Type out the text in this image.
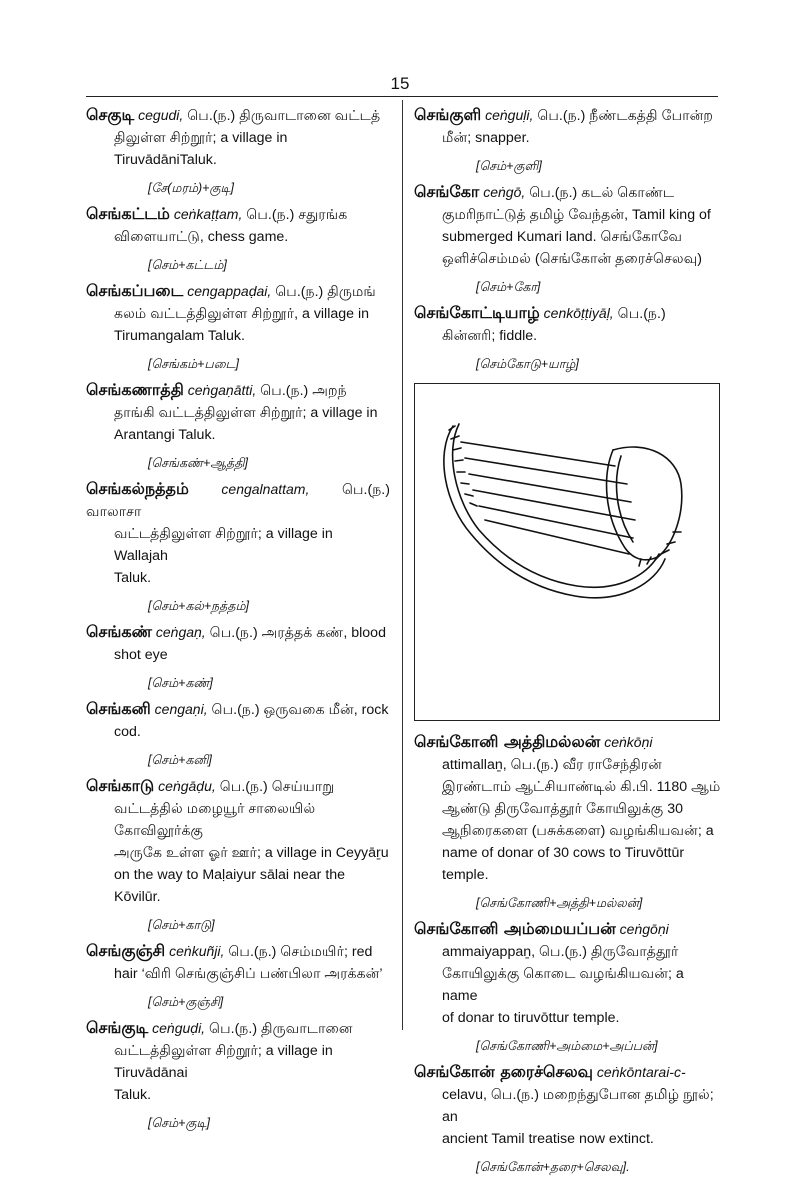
15
செகுடி cegudi, பெ.(ந.) திருவாடானை வட்டத்
திலுள்ள சிற்றூர்; a village in TiruvādāniTaluk.
[சே(மரம்)+குடி]
செங்கட்டம் ceṅkaṭṭam, பெ.(ந.) சதுரங்க
விளையாட்டு, chess game.
[செம்+கட்டம்]
செங்கப்படை cengappaḍai, பெ.(ந.) திருமங்
கலம் வட்டத்திலுள்ள சிற்றூர், a village in
Tirumangalam Taluk.
[செங்கம்+படை]
செங்கணாத்தி ceṅgaṇātti, பெ.(ந.) அறந்
தாங்கி வட்டத்திலுள்ள சிற்றூர்; a village in
Arantangi Taluk.
[செங்கண்+ஆத்தி]
செங்கல்நத்தம் cengalnattam, பெ.(ந.) வாலாசா
வட்டத்திலுள்ள சிற்றூர்; a village in Wallajah
Taluk.
[செம்+கல்+நத்தம்]
செங்கண் ceṅgaṇ, பெ.(ந.) அரத்தக் கண், blood
shot eye
[செம்+கண்]
செங்கனி cengaṇi, பெ.(ந.) ஒருவகை மீன், rock
cod.
[செம்+கனி]
செங்காடு ceṅgāḍu, பெ.(ந.) செய்யாறு
வட்டத்தில் மழையூர் சாலையில் கோவிலூர்க்கு
அருகே உள்ள ஓர் ஊர்; a village in Ceyyāṟu
on the way to Maḷaiyur sālai near the Kōvilūr.
[செம்+காடு]
செங்குஞ்சி ceṅkuñji, பெ.(ந.) செம்மயிர்; red
hair ‘விரி செங்குஞ்சிப் பண்பிலா அரக்கன்’
[செம்+குஞ்சி]
செங்குடி ceṅguḍi, பெ.(ந.) திருவாடானை
வட்டத்திலுள்ள சிற்றூர்; a village in Tiruvādānai
Taluk.
[செம்+குடி]
செங்குளி ceṅguḷi, பெ.(ந.) நீண்டகத்தி போன்ற
மீன்; snapper.
[செம்+குளி]
செங்கோ ceṅgō, பெ.(ந.) கடல் கொண்ட
குமரிநாட்டுத் தமிழ் வேந்தன், Tamil king of
submerged Kumari land. செங்கோவே
ஒளிச்செம்மல் (செங்கோன் தரைச்செலவு)
[செம்+கோ]
செங்கோட்டியாழ் cenkōṭṭiyāḷ, பெ.(ந.)
கின்னரி; fiddle.
[செம்கோடு+யாழ்]
செங்கோனி அத்திமல்லன் ceṅkōṇi
attimallaṉ, பெ.(ந.) வீர ராசேந்திரன்
இரண்டாம் ஆட்சியாண்டில் கி.பி. 1180 ஆம்
ஆண்டு திருவோத்தூர் கோயிலுக்கு 30
ஆநிரைகளை (பசுக்களை) வழங்கியவன்; a
name of donar of 30 cows to Tiruvōttūr
temple.
[செங்கோணி+அத்தி+மல்லன்]
செங்கோனி அம்மையப்பன் ceṅgōṇi
ammaiyappaṉ, பெ.(ந.) திருவோத்தூர்
கோயிலுக்கு கொடை வழங்கியவன்; a name
of donar to tiruvōttur temple.
[செங்கோணி+அம்மை+அப்பன்]
செங்கோன் தரைச்செலவு ceṅkōntarai-c-
celavu, பெ.(ந.) மறைந்துபோன தமிழ் நூல்; an
ancient Tamil treatise now extinct.
[செங்கோன்+தரை+செலவு].
